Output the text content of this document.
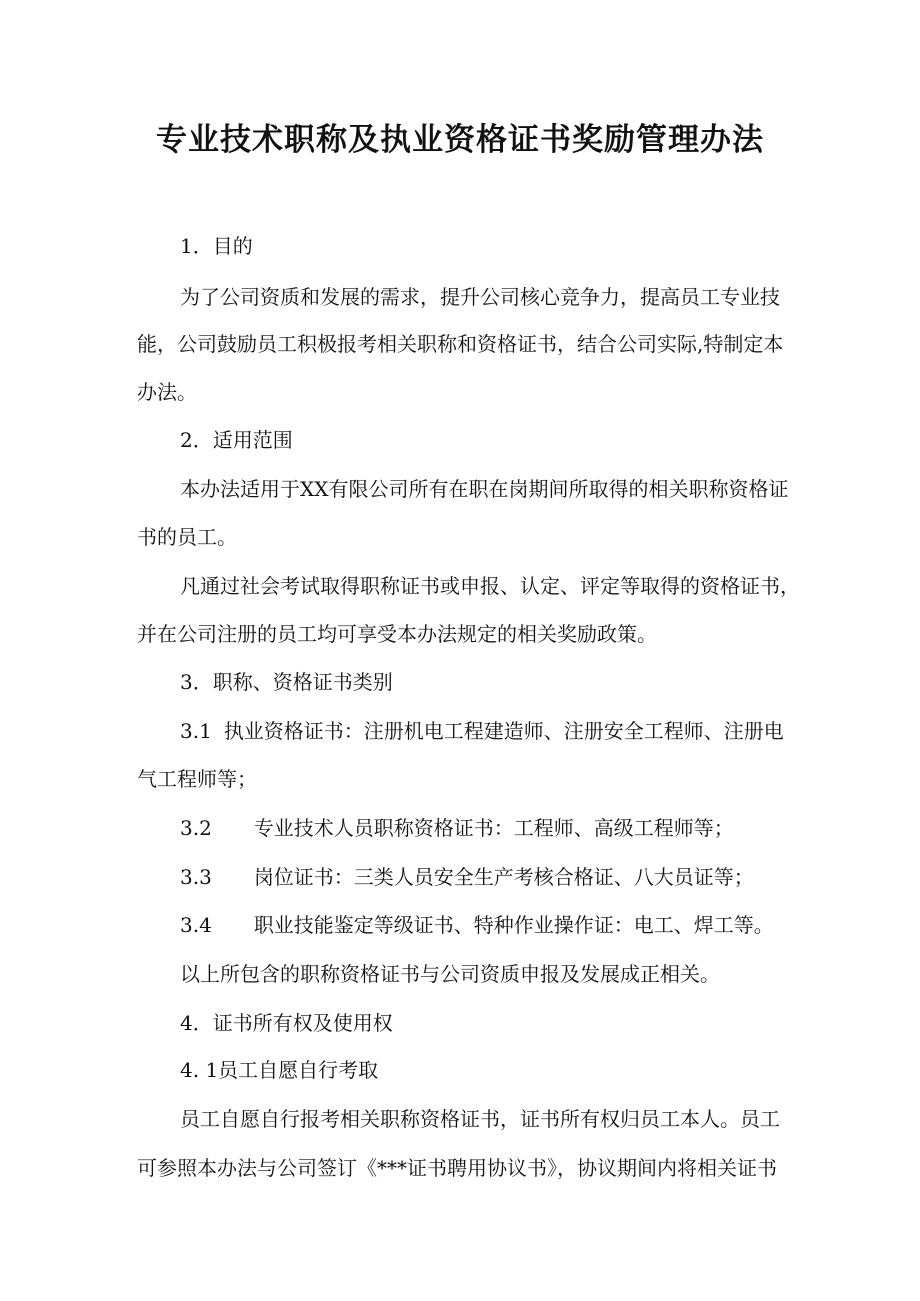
专业技术职称及执业资格证书奖励管理办法
1．目的
为了公司资质和发展的需求，提升公司核心竞争力，提高员工专业技
能，公司鼓励员工积极报考相关职称和资格证书，结合公司实际,特制定本
办法。
2．适用范围
本办法适用于XX有限公司所有在职在岗期间所取得的相关职称资格证
书的员工。
凡通过社会考试取得职称证书或申报、认定、评定等取得的资格证书，
并在公司注册的员工均可享受本办法规定的相关奖励政策。
3．职称、资格证书类别
3.1 执业资格证书：注册机电工程建造师、注册安全工程师、注册电
气工程师等；
3.2 专业技术人员职称资格证书：工程师、高级工程师等；
3.3 岗位证书：三类人员安全生产考核合格证、八大员证等；
3.4 职业技能鉴定等级证书、特种作业操作证：电工、焊工等。
以上所包含的职称资格证书与公司资质申报及发展成正相关。
4．证书所有权及使用权
4. 1员工自愿自行考取
员工自愿自行报考相关职称资格证书，证书所有权归员工本人。员工
可参照本办法与公司签订《***证书聘用协议书》，协议期间内将相关证书
